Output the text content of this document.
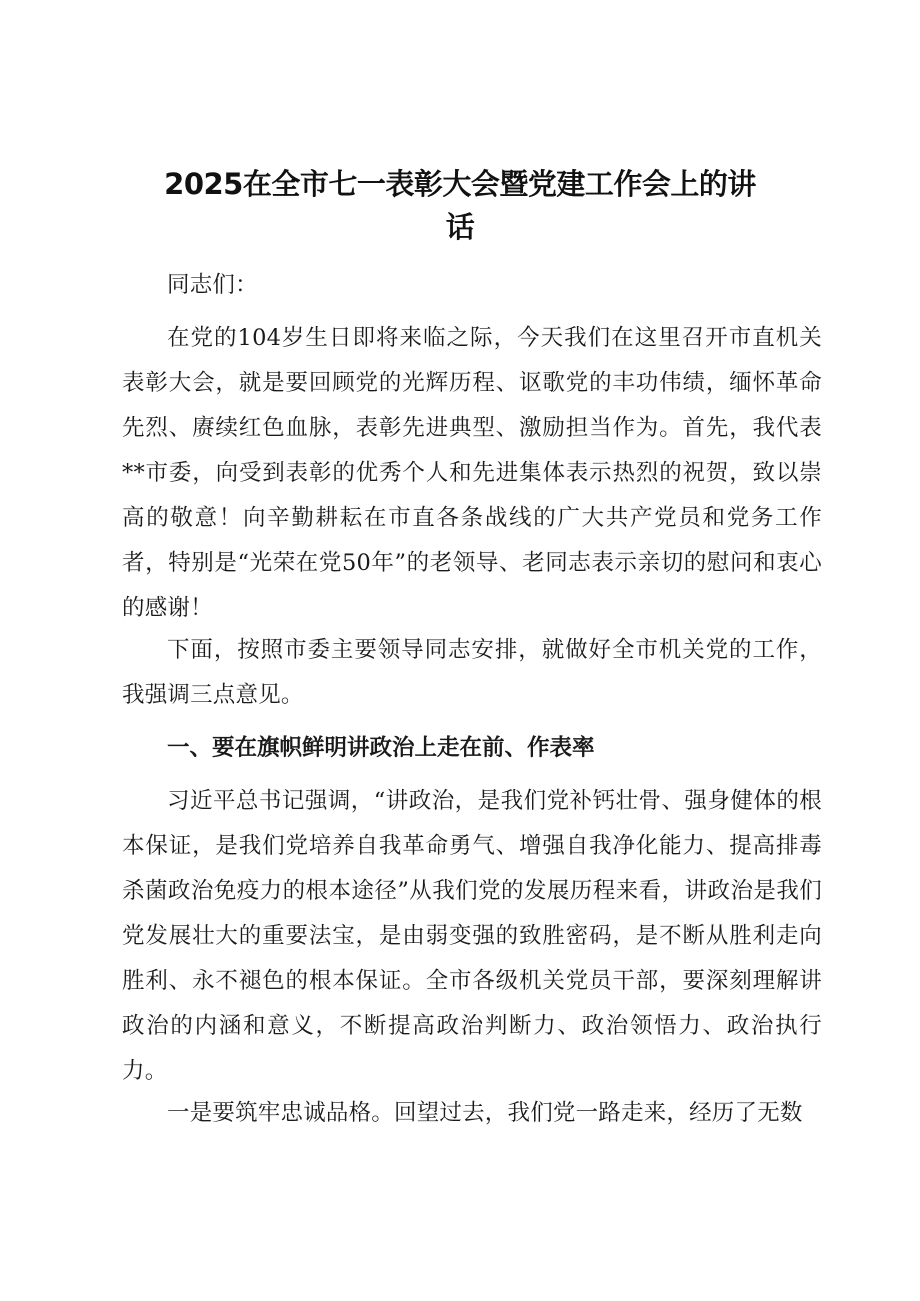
2025在全市七一表彰大会暨党建工作会上的讲话

同志们：

在党的104岁生日即将来临之际，今天我们在这里召开市直机关表彰大会，就是要回顾党的光辉历程、讴歌党的丰功伟绩，缅怀革命先烈、赓续红色血脉，表彰先进典型、激励担当作为。首先，我代表**市委，向受到表彰的优秀个人和先进集体表示热烈的祝贺，致以崇高的敬意！向辛勤耕耘在市直各条战线的广大共产党员和党务工作者，特别是“光荣在党50年”的老领导、老同志表示亲切的慰问和衷心的感谢！

下面，按照市委主要领导同志安排，就做好全市机关党的工作，我强调三点意见。

一、要在旗帜鲜明讲政治上走在前、作表率

习近平总书记强调，“讲政治，是我们党补钙壮骨、强身健体的根本保证，是我们党培养自我革命勇气、增强自我净化能力、提高排毒杀菌政治免疫力的根本途径”从我们党的发展历程来看，讲政治是我们党发展壮大的重要法宝，是由弱变强的致胜密码，是不断从胜利走向胜利、永不褪色的根本保证。全市各级机关党员干部，要深刻理解讲政治的内涵和意义，不断提高政治判断力、政治领悟力、政治执行力。

一是要筑牢忠诚品格。回望过去，我们党一路走来，经历了无数
